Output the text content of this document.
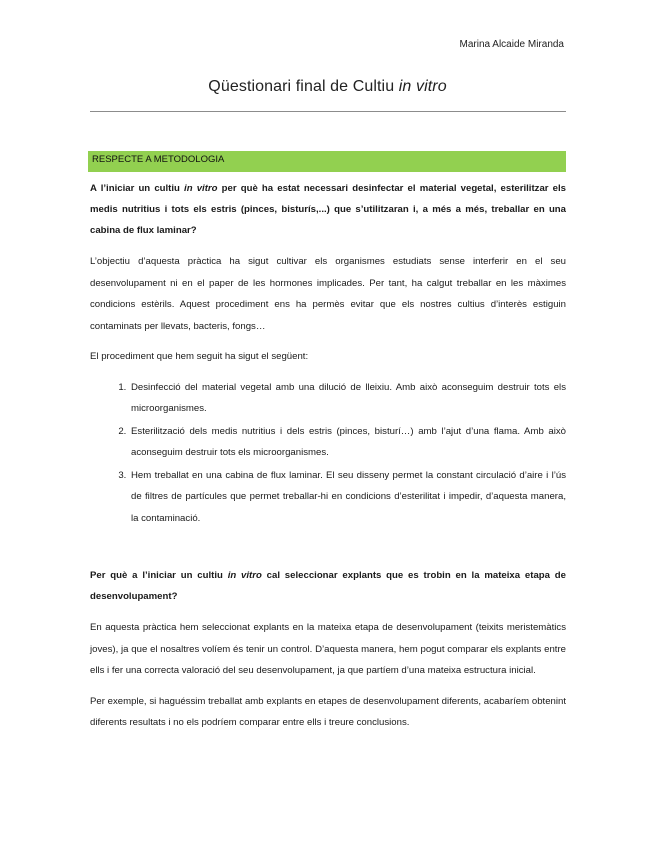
Marina Alcaide Miranda
Qüestionari final de Cultiu in vitro
RESPECTE A METODOLOGIA
A l’iniciar un cultiu in vitro per què ha estat necessari desinfectar el material vegetal, esterilitzar els medis nutritius i tots els estris (pinces, bisturís,...) que s’utilitzaran i, a més a més, treballar en una cabina de flux laminar?

L’objectiu d’aquesta pràctica ha sigut cultivar els organismes estudiats sense interferir en el seu desenvolupament ni en el paper de les hormones implicades. Per tant, ha calgut treballar en les màximes condicions estèrils. Aquest procediment ens ha permès evitar que els nostres cultius d’interès estiguin contaminats per llevats, bacteris, fongs…

El procediment que hem seguit ha sigut el següent:

1. Desinfecció del material vegetal amb una dilució de lleixiu. Amb això aconseguim destruir tots els microorganismes.
2. Esterilització dels medis nutritius i dels estris (pinces, bisturí…) amb l’ajut d’una flama. Amb això aconseguim destruir tots els microorganismes.
3. Hem treballat en una cabina de flux laminar. El seu disseny permet la constant circulació d’aire i l’ús de filtres de partícules que permet treballar-hi en condicions d’esterilitat i impedir, d’aquesta manera, la contaminació.
Per què a l’iniciar un cultiu in vitro cal seleccionar explants que es trobin en la mateixa etapa de desenvolupament?

En aquesta pràctica hem seleccionat explants en la mateixa etapa de desenvolupament (teixits meristemàtics joves), ja que el nosaltres volíem és tenir un control. D’aquesta manera, hem pogut comparar els explants entre ells i fer una correcta valoració del seu desenvolupament, ja que partíem d’una mateixa estructura inicial.

Per exemple, si haguéssim treballat amb explants en etapes de desenvolupament diferents, acabaríem obtenint diferents resultats i no els podríem comparar entre ells i treure conclusions.
